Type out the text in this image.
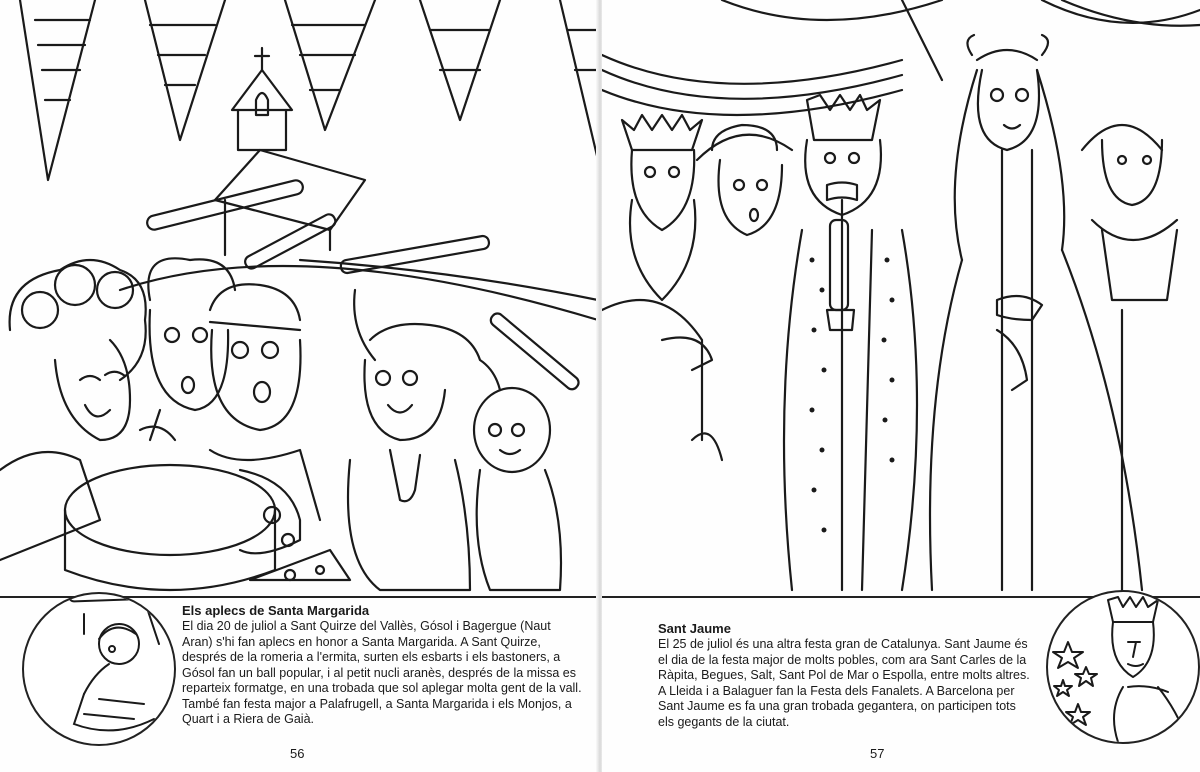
Els aplecs de Santa Margarida

El dia 20 de juliol a Sant Quirze del Vallès, Gósol i Bagergue (Naut Aran) s'hi fan aplecs en honor a Santa Margarida. A Sant Quirze, després de la romeria a l'ermita, surten els esbarts i els bastoners, a Gósol fan un ball popular, i al petit nucli aranès, després de la missa es reparteix formatge, en una trobada que sol aplegar molta gent de la vall. També fan festa major a Palafrugell, a Santa Margarida i els Monjos, a Quart i a Riera de Gaià.

56
Sant Jaume

El 25 de juliol és una altra festa gran de Catalunya. Sant Jaume és el dia de la festa major de molts pobles, com ara Sant Carles de la Ràpita, Begues, Salt, Sant Pol de Mar o Espolla, entre molts altres. A Lleida i a Balaguer fan la Festa dels Fanalets. A Barcelona per Sant Jaume es fa una gran trobada gegantera, on participen tots els gegants de la ciutat.

57
